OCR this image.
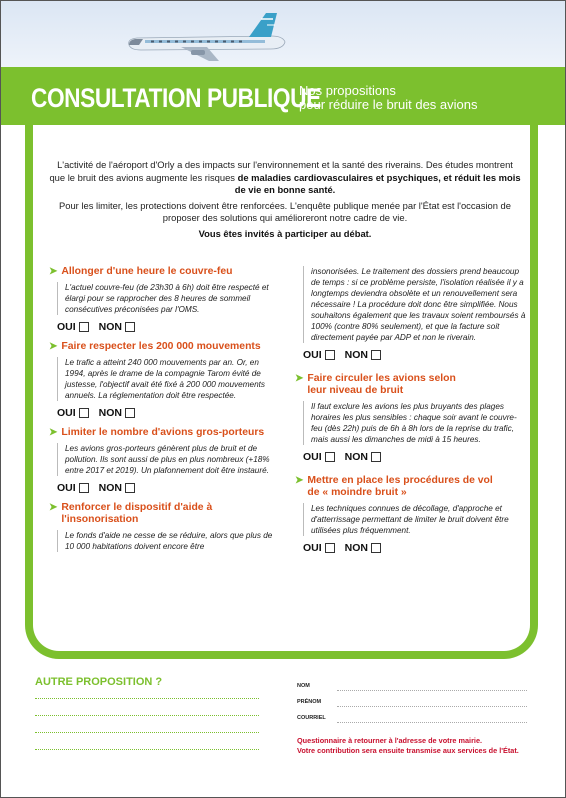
CONSULTATION PUBLIQUE
Nos propositions
pour réduire le bruit des avions

L'activité de l'aéroport d'Orly a des impacts sur l'environnement et la santé des riverains. Des études montrent que le bruit des avions augmente les risques de maladies cardiovasculaires et psychiques, et réduit les mois de vie en bonne santé.

Pour les limiter, les protections doivent être renforcées. L'enquête publique menée par l'État est l'occasion de proposer des solutions qui amélioreront notre cadre de vie.

Vous êtes invités à participer au débat.

➤ Allonger d'une heure le couvre-feu
L'actuel couvre-feu (de 23h30 à 6h) doit être respecté et élargi pour se rapprocher des 8 heures de sommeil consécutives préconisées par l'OMS.
OUI	NON
➤ Faire respecter les 200 000 mouvements
Le trafic a atteint 240 000 mouvements par an. Or, en 1994, après le drame de la compagnie Tarom évité de justesse, l'objectif avait été fixé à 200 000 mouvements annuels. La réglementation doit être respectée.
OUI	NON
➤ Limiter le nombre d'avions gros-porteurs
Les avions gros-porteurs génèrent plus de bruit et de pollution. Ils sont aussi de plus en plus nombreux (+18% entre 2017 et 2019). Un plafonnement doit être instauré.
OUI	NON
➤ Renforcer le dispositif d'aide à
l'insonorisation
Le fonds d'aide ne cesse de se réduire, alors que plus de 10 000 habitations doivent encore être
insonorisées. Le traitement des dossiers prend beaucoup de temps : si ce problème persiste, l'isolation réalisée il y a longtemps deviendra obsolète et un renouvellement sera nécessaire ! La procédure doit donc être simplifiée. Nous souhaitons également que les travaux soient remboursés à 100% (contre 80% seulement), et que la facture soit directement payée par ADP et non le riverain.
OUI	NON
➤ Faire circuler les avions selon
leur niveau de bruit
Il faut exclure les avions les plus bruyants des plages horaires les plus sensibles : chaque soir avant le couvre-feu (dès 22h) puis de 6h à 8h lors de la reprise du trafic, mais aussi les dimanches de midi à 15 heures.
OUI	NON
➤ Mettre en place les procédures de vol
de « moindre bruit »
Les techniques connues de décollage, d'approche et d'atterrissage permettant de limiter le bruit doivent être utilisées plus fréquemment.
OUI	NON
AUTRE PROPOSITION ?	NOM
PRÉNOM
COURRIEL
Questionnaire à retourner à l'adresse de votre mairie.
Votre contribution sera ensuite transmise aux services de l'État.
